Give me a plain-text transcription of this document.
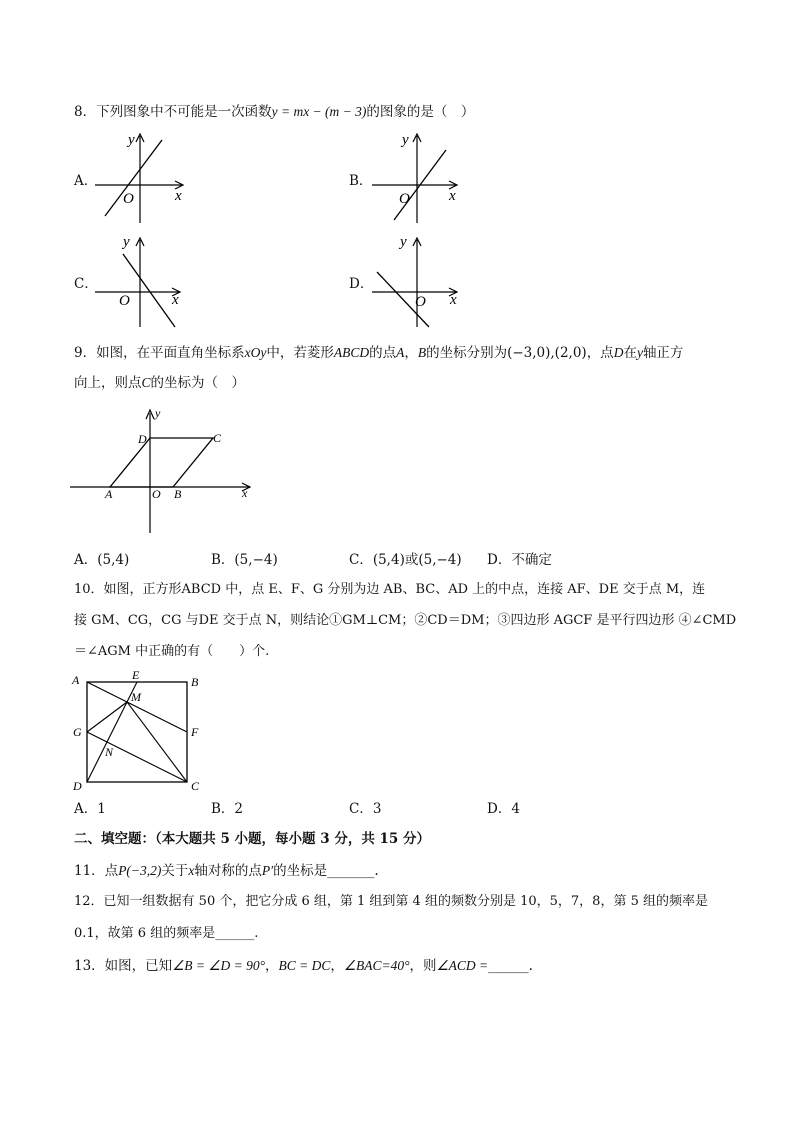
8．下列图象中不可能是一次函数y = mx − (m − 3)的图象的是（　）
A．
y
x
O
B．
y
x
O
C．
y
x
O
D．
y
x
O
9．如图，在平面直角坐标系xOy中，若菱形ABCD的点A，B的坐标分别为(−3,0),(2,0)，点D在y轴正方
向上，则点C的坐标为（　）
y
x
D	C
A	O B
A．(5,4)	B．(5,−4)	C．(5,4)或(5,−4) D．不确定
10．如图，正方形ABCD 中，点 E、F、G 分别为边 AB、BC、AD 上的中点，连接 AF、DE 交于点 M，连
接 GM、CG，CG 与DE 交于点 N，则结论①GM⊥CM；②CD＝DM；③四边形 AGCF 是平行四边形 ④∠CMD
＝∠AGM 中正确的有（　　）个.
A	B
C
D
E
F
G
M
N
A．1	B．2	C．3	D．4
二、填空题：（本大题共 5 小题，每小题 3 分，共 15 分）
11．点P(−3,2)关于x轴对称的点P′的坐标是_______.
12．已知一组数据有 50 个，把它分成 6 组，第 1 组到第 4 组的频数分别是 10，5，7，8，第 5 组的频率是
0.1，故第 6 组的频率是______.
13．如图，已知∠B = ∠D = 90°，BC = DC，∠BAC=40°，则∠ACD =______.
